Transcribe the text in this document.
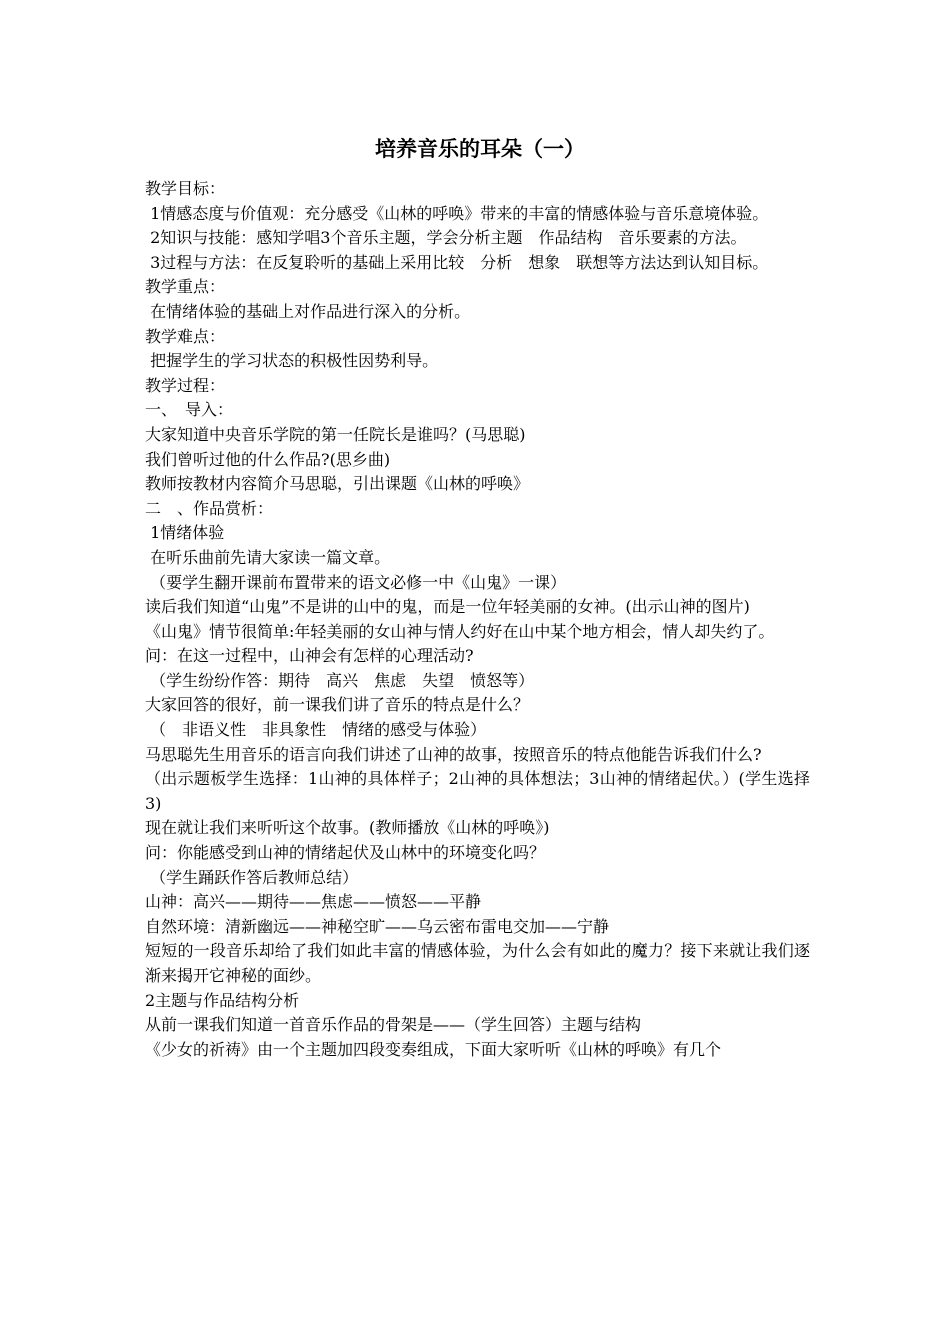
培养音乐的耳朵（一）

教学目标：

1情感态度与价值观：充分感受《山林的呼唤》带来的丰富的情感体验与音乐意境体验。

2知识与技能：感知学唱3个音乐主题，学会分析主题　作品结构　音乐要素的方法。

3过程与方法：在反复聆听的基础上采用比较　分析　想象　联想等方法达到认知目标。

教学重点：

在情绪体验的基础上对作品进行深入的分析。

教学难点：

把握学生的学习状态的积极性因势利导。

教学过程：

一、　导入：

大家知道中央音乐学院的第一任院长是谁吗？(马思聪)

我们曾听过他的什么作品?(思乡曲)

教师按教材内容简介马思聪，引出课题《山林的呼唤》

二　、作品赏析：

1情绪体验

在听乐曲前先请大家读一篇文章。

（要学生翻开课前布置带来的语文必修一中《山鬼》一课）

读后我们知道“山鬼”不是讲的山中的鬼，而是一位年轻美丽的女神。(出示山神的图片)

《山鬼》情节很简单:年轻美丽的女山神与情人约好在山中某个地方相会，情人却失约了。

问：在这一过程中，山神会有怎样的心理活动?

（学生纷纷作答：期待　高兴　焦虑　失望　愤怒等）

大家回答的很好，前一课我们讲了音乐的特点是什么？

（　非语义性　非具象性　情绪的感受与体验）

马思聪先生用音乐的语言向我们讲述了山神的故事，按照音乐的特点他能告诉我们什么?

（出示题板学生选择：1山神的具体样子；2山神的具体想法；3山神的情绪起伏。）(学生选择3)

现在就让我们来听听这个故事。(教师播放《山林的呼唤》)

问：你能感受到山神的情绪起伏及山林中的环境变化吗？

（学生踊跃作答后教师总结）

山神：高兴——期待——焦虑——愤怒——平静

自然环境：清新幽远——神秘空旷——乌云密布雷电交加——宁静

短短的一段音乐却给了我们如此丰富的情感体验，为什么会有如此的魔力？接下来就让我们逐渐来揭开它神秘的面纱。

2主题与作品结构分析

从前一课我们知道一首音乐作品的骨架是——（学生回答）主题与结构

《少女的祈祷》由一个主题加四段变奏组成，下面大家听听《山林的呼唤》有几个
